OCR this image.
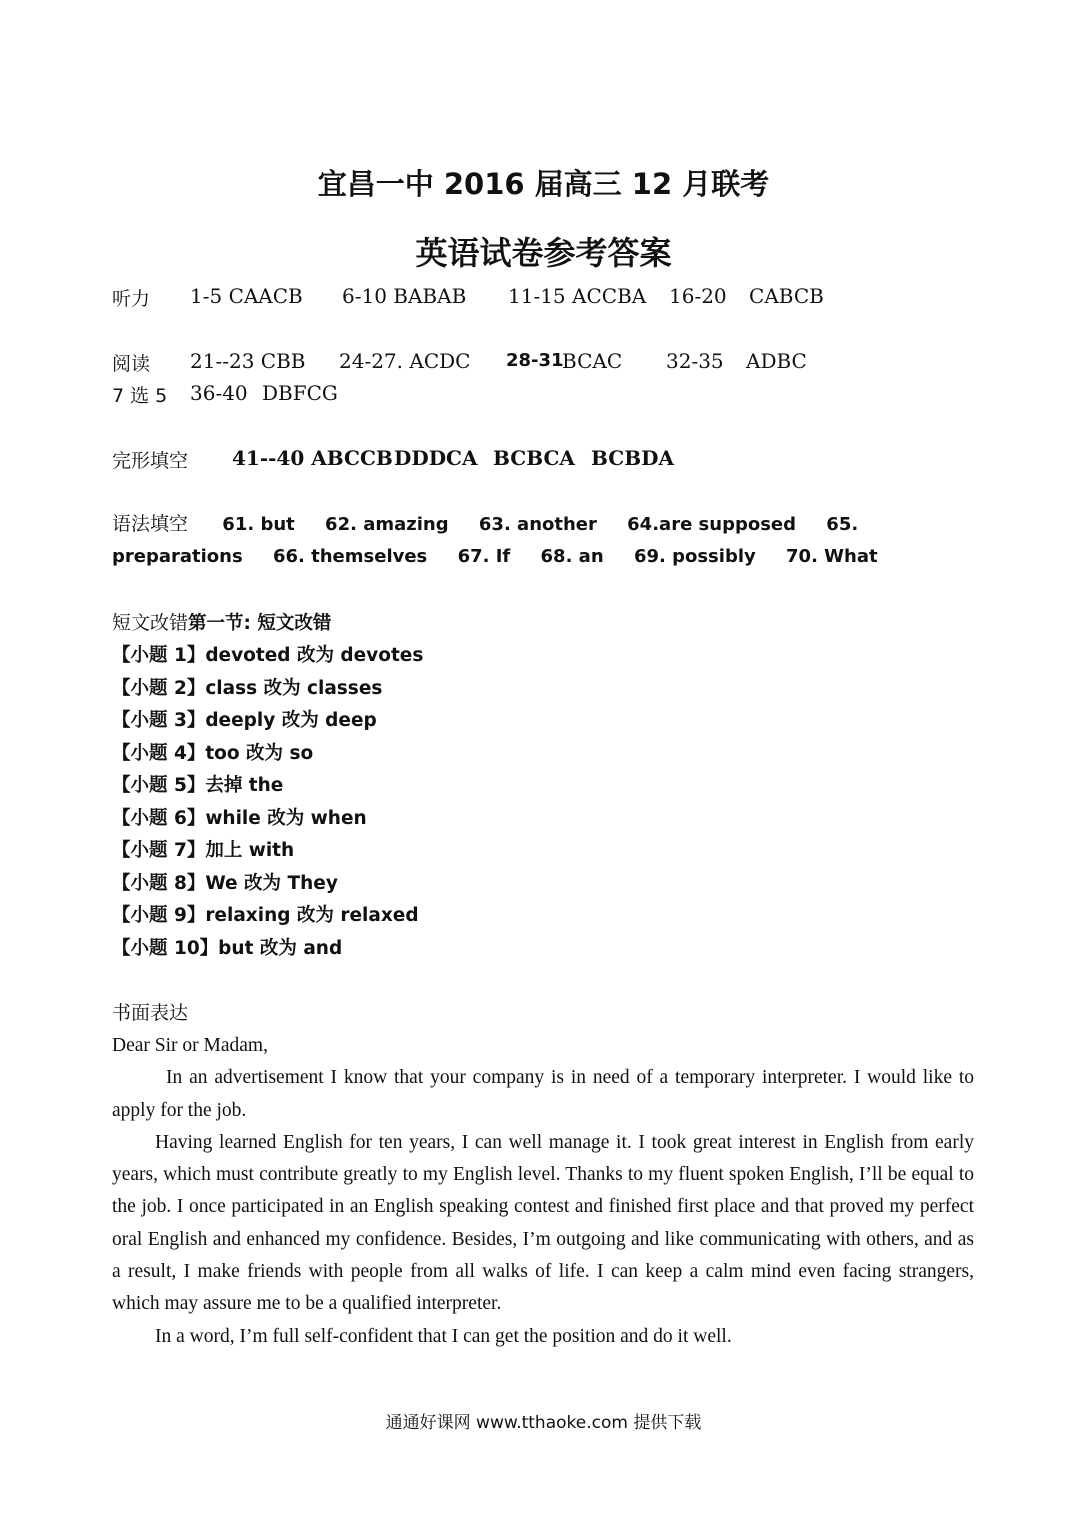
宜昌一中 2016 届高三 12 月联考
英语试卷参考答案
听力 1-5 CAACB 6-10 BABAB 11-15 ACCBA 16-20 CABCB
阅读 21--23 CBB 24-27. ACDC 28-31
BCAC 32-35 ADBC
7 选 5 36-40 DBFCG
完形填空 41--40 ABCCB DDDCA BCBCA BCBDA
语法填空 61. but 62. amazing 63. another 64.are supposed 65. preparations 66. themselves 67. If 68. an 69. possibly 70. What
短文改错第一节: 短文改错
【小题 1】devoted 改为 devotes
【小题 2】class 改为 classes
【小题 3】deeply 改为 deep
【小题 4】too 改为 so
【小题 5】去掉 the
【小题 6】while 改为 when
【小题 7】加上 with
【小题 8】We 改为 They
【小题 9】relaxing 改为 relaxed
【小题 10】but 改为 and
书面表达

Dear Sir or Madam,

In an advertisement I know that your company is in need of a temporary interpreter. I would like to apply for the job.

Having learned English for ten years, I can well manage it. I took great interest in English from early years, which must contribute greatly to my English level. Thanks to my fluent spoken English, I’ll be equal to the job. I once participated in an English speaking contest and finished first place and that proved my perfect oral English and enhanced my confidence. Besides, I’m outgoing and like communicating with others, and as a result, I make friends with people from all walks of life. I can keep a calm mind even facing strangers, which may assure me to be a qualified interpreter.

In a word, I’m full self-confident that I can get the position and do it well.

通通好课网 www.tthaoke.com 提供下载
